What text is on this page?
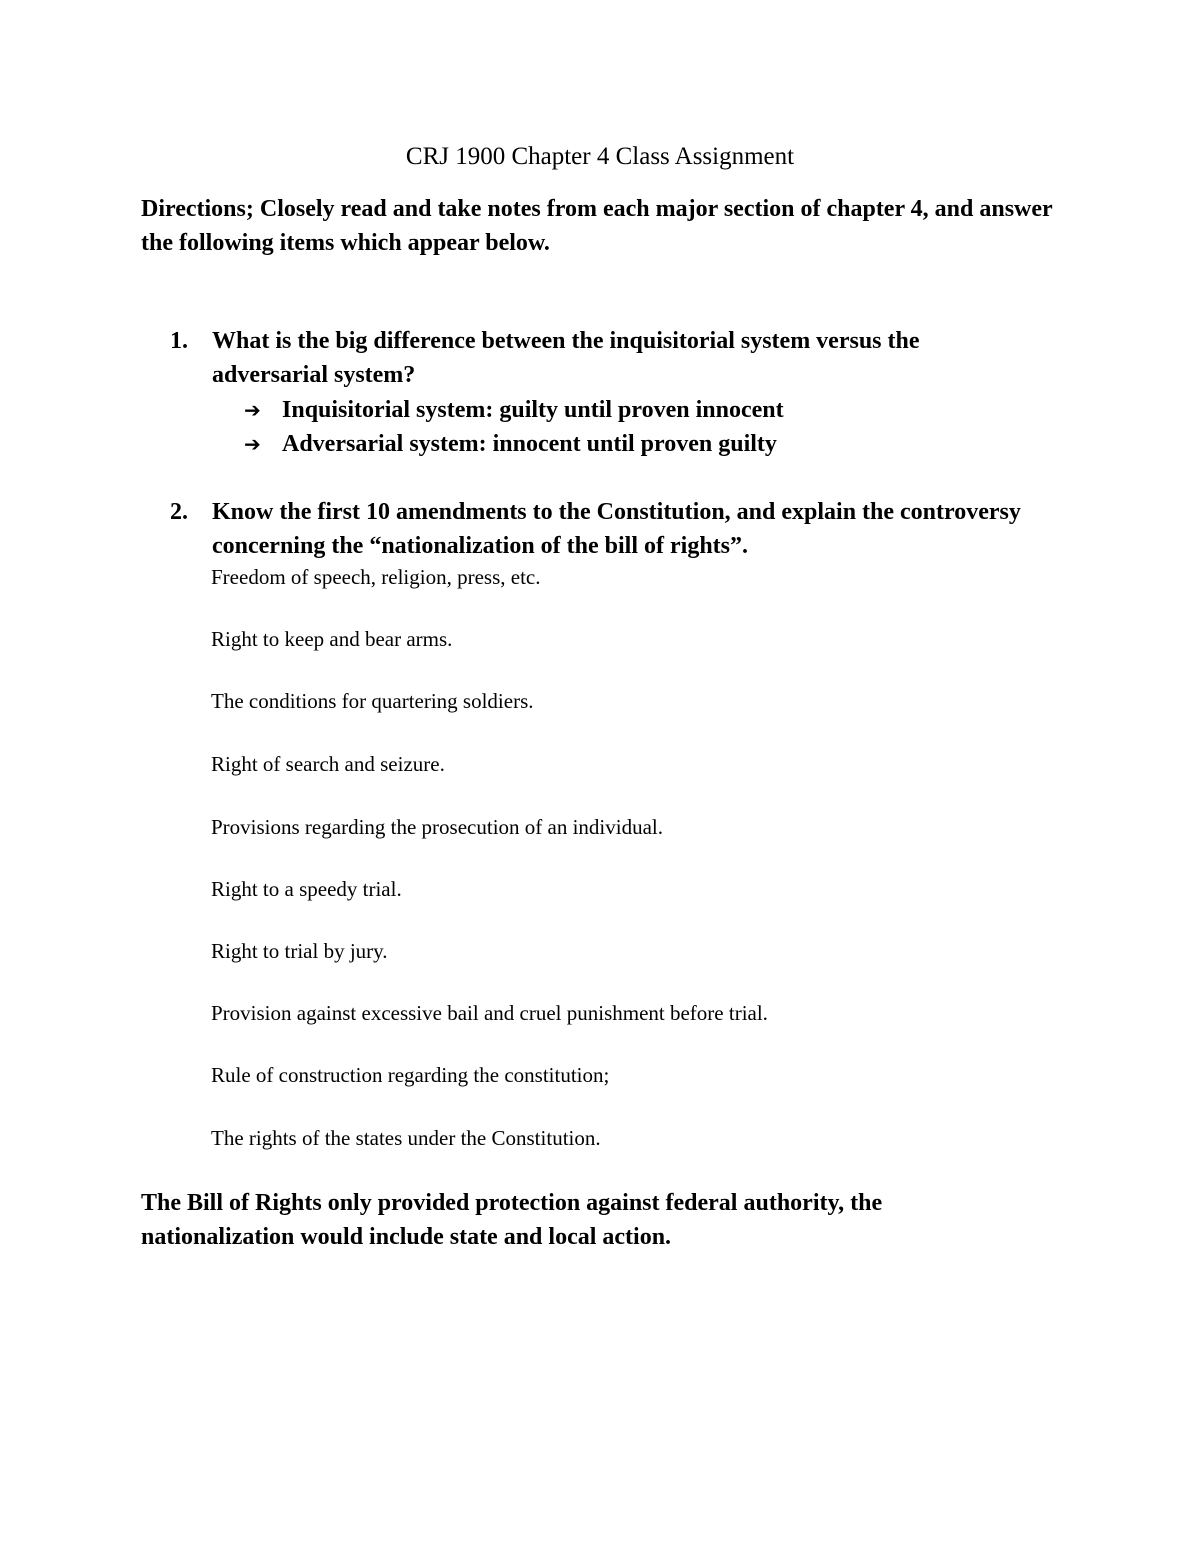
CRJ 1900 Chapter 4 Class Assignment
Directions; Closely read and take notes from each major section of chapter 4, and answer the following items which appear below.
1. What is the big difference between the inquisitorial system versus the adversarial system?
➔ Inquisitorial system: guilty until proven innocent
➔ Adversarial system: innocent until proven guilty
2. Know the first 10 amendments to the Constitution, and explain the controversy concerning the “nationalization of the bill of rights”.
Freedom of speech, religion, press, etc.
Right to keep and bear arms.
The conditions for quartering soldiers.
Right of search and seizure.
Provisions regarding the prosecution of an individual.
Right to a speedy trial.
Right to trial by jury.
Provision against excessive bail and cruel punishment before trial.
Rule of construction regarding the constitution;
The rights of the states under the Constitution.
The Bill of Rights only provided protection against federal authority, the nationalization would include state and local action.
